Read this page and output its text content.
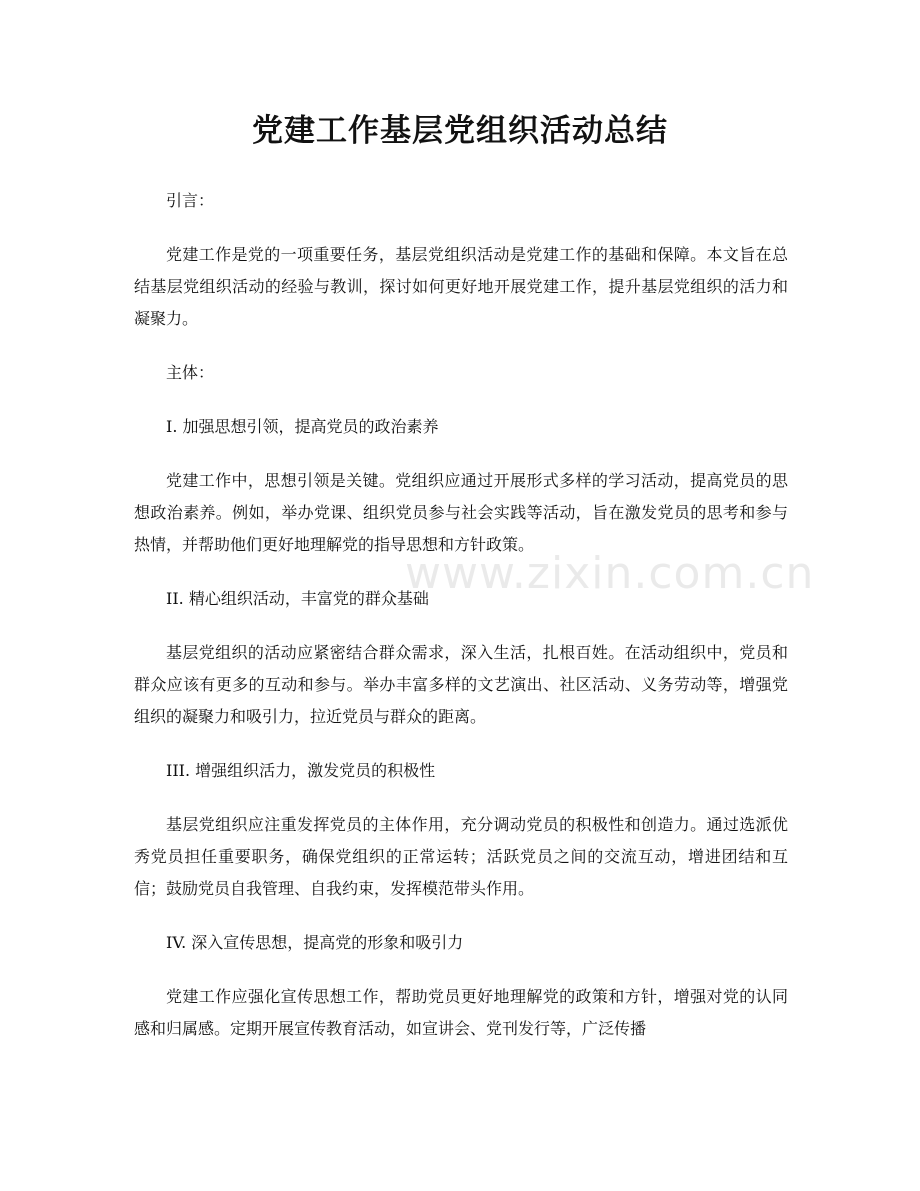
党建工作基层党组织活动总结

引言：

党建工作是党的一项重要任务，基层党组织活动是党建工作的基础和保障。本文旨在总结基层党组织活动的经验与教训，探讨如何更好地开展党建工作，提升基层党组织的活力和凝聚力。

主体：

I. 加强思想引领，提高党员的政治素养

党建工作中，思想引领是关键。党组织应通过开展形式多样的学习活动，提高党员的思想政治素养。例如，举办党课、组织党员参与社会实践等活动，旨在激发党员的思考和参与热情，并帮助他们更好地理解党的指导思想和方针政策。

II. 精心组织活动，丰富党的群众基础

基层党组织的活动应紧密结合群众需求，深入生活，扎根百姓。在活动组织中，党员和群众应该有更多的互动和参与。举办丰富多样的文艺演出、社区活动、义务劳动等，增强党组织的凝聚力和吸引力，拉近党员与群众的距离。

III. 增强组织活力，激发党员的积极性

基层党组织应注重发挥党员的主体作用，充分调动党员的积极性和创造力。通过选派优秀党员担任重要职务，确保党组织的正常运转；活跃党员之间的交流互动，增进团结和互信；鼓励党员自我管理、自我约束，发挥模范带头作用。

IV. 深入宣传思想，提高党的形象和吸引力

党建工作应强化宣传思想工作，帮助党员更好地理解党的政策和方针，增强对党的认同感和归属感。定期开展宣传教育活动，如宣讲会、党刊发行等，广泛传播

www.zixin.com.cn
